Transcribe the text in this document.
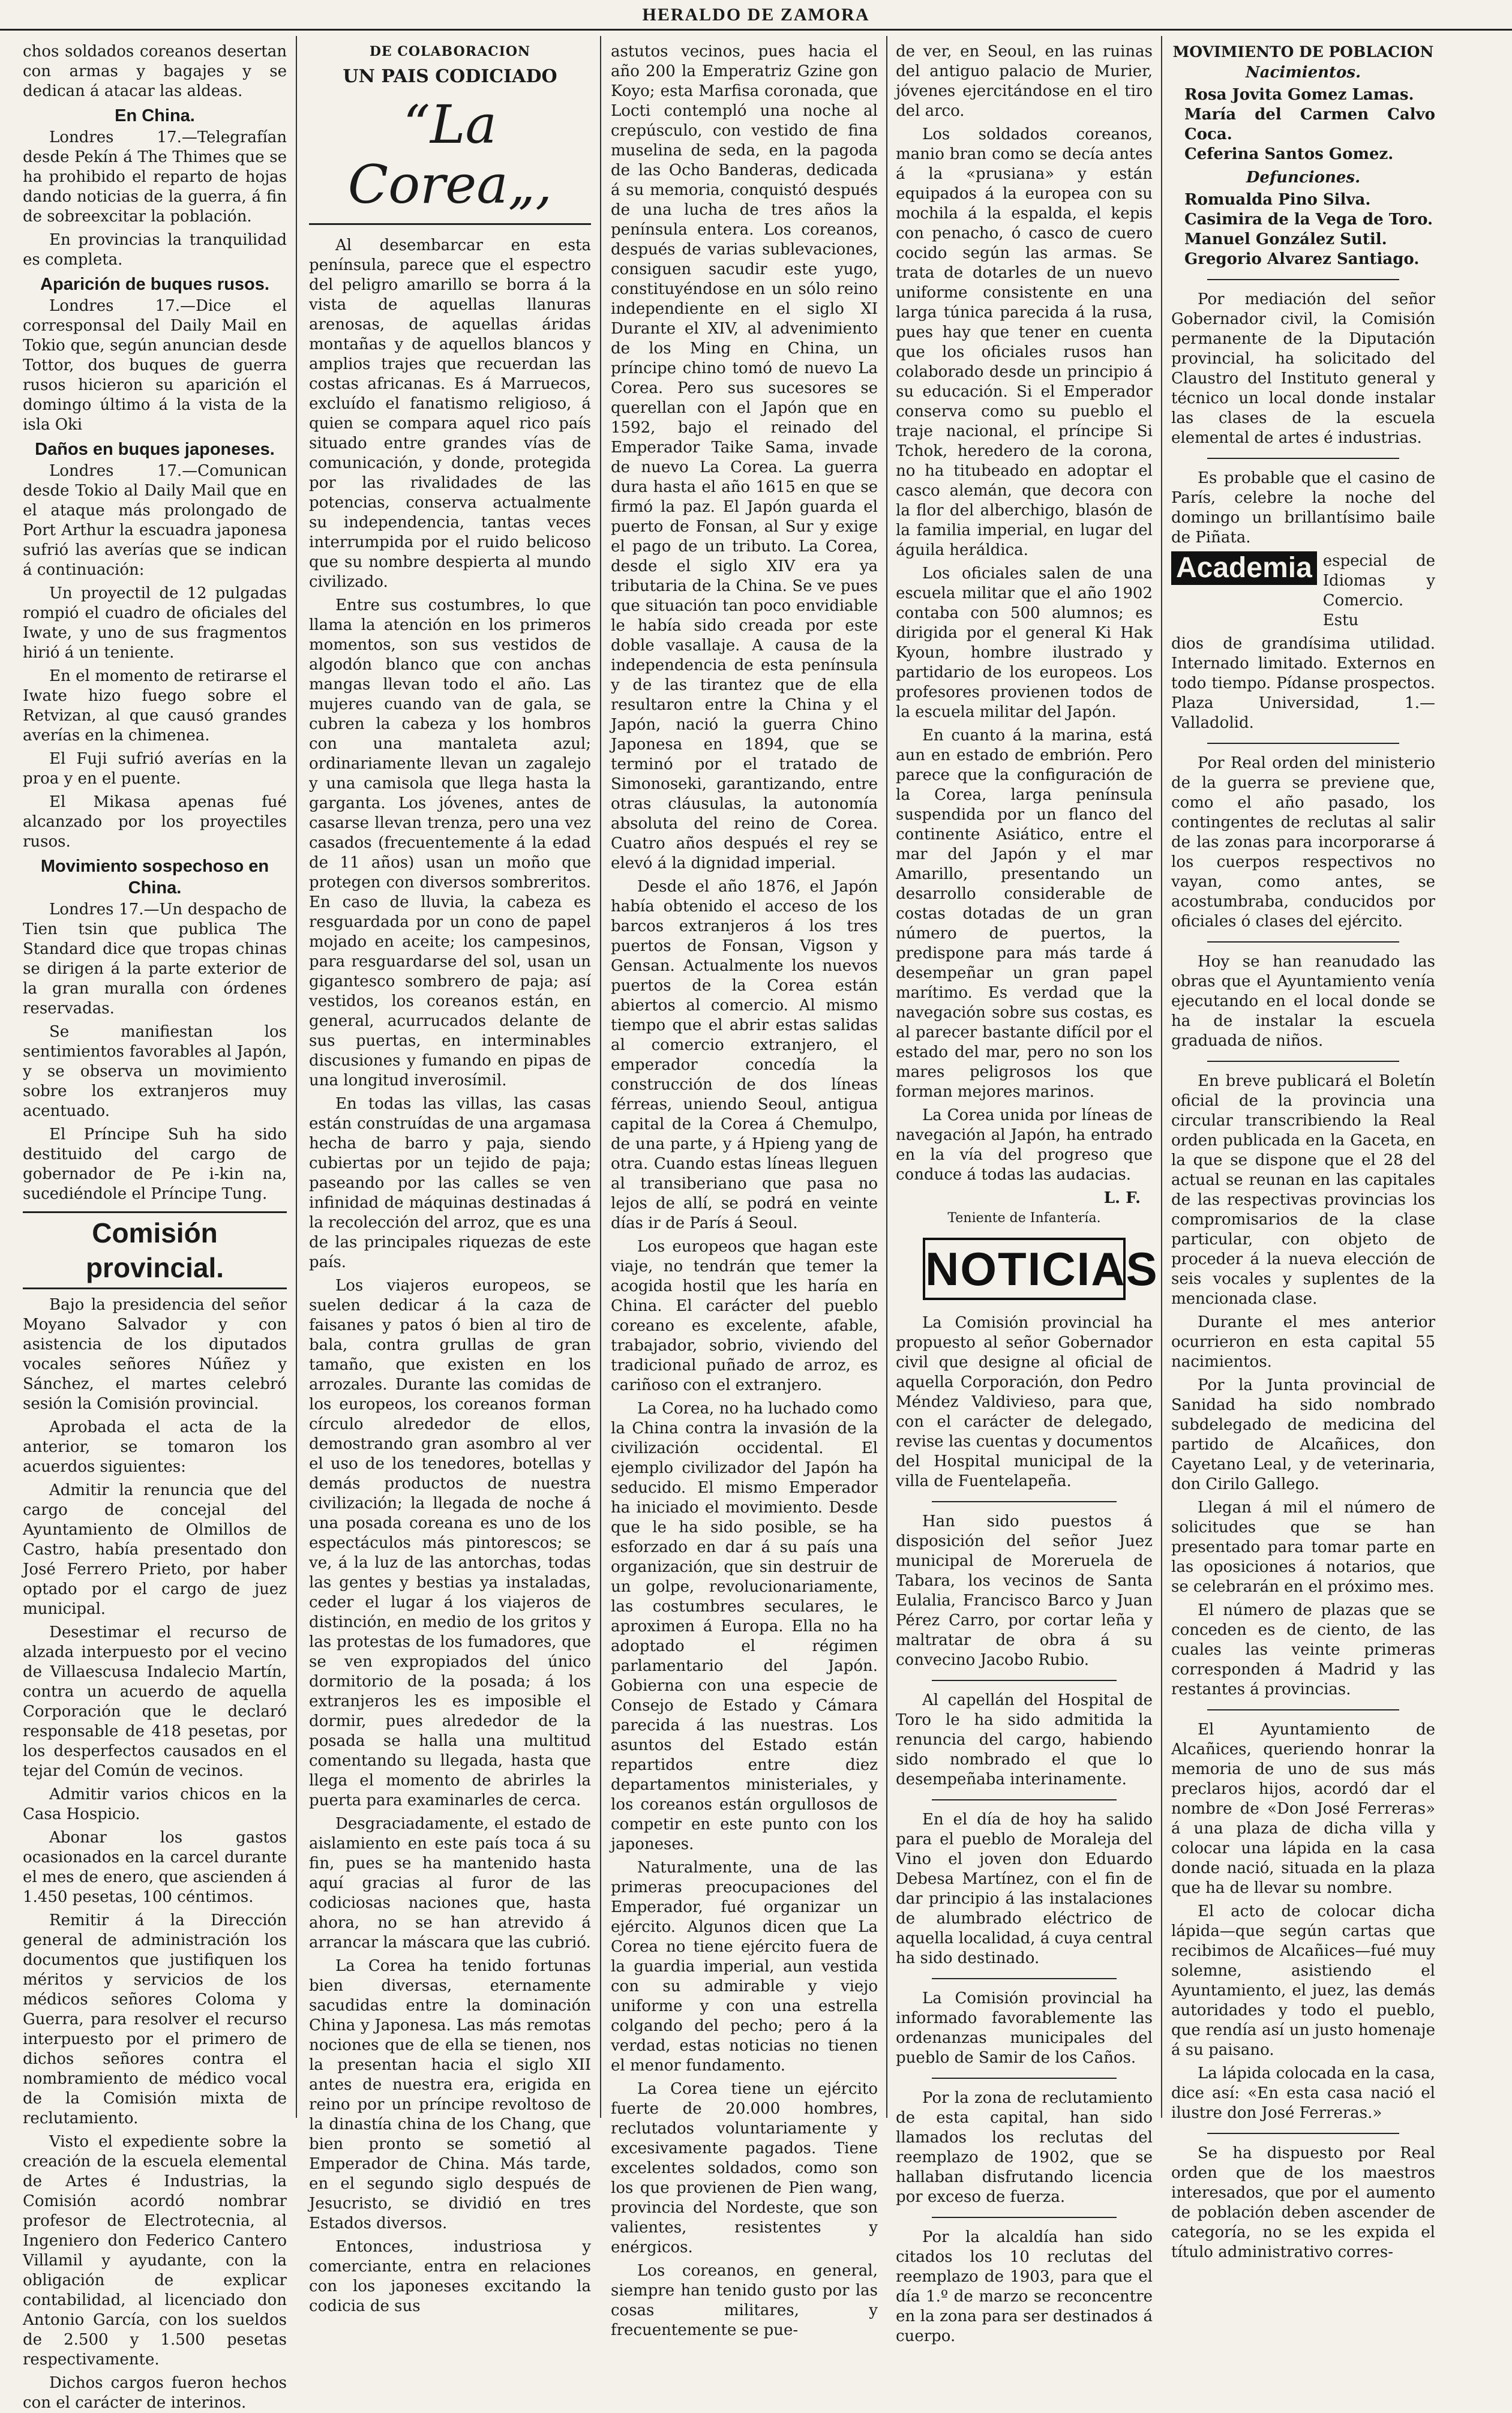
HERALDO DE ZAMORA

chos soldados coreanos desertan con armas y bagajes y se dedican á atacar las aldeas.

En China.

Londres 17.—Telegrafían desde Pekín á The Thimes que se ha prohibido el reparto de hojas dando noticias de la guerra, á fin de sobreexcitar la población.

En provincias la tranquilidad es completa.

Aparición de buques rusos.

Londres 17.—Dice el corresponsal del Daily Mail en Tokio que, según anuncian desde Tottor, dos buques de guerra rusos hicieron su aparición el domingo último á la vista de la isla Oki

Daños en buques japoneses.

Londres 17.—Comunican desde Tokio al Daily Mail que en el ataque más prolongado de Port Arthur la escuadra japonesa sufrió las averías que se indican á continuación:

Un proyectil de 12 pulgadas rompió el cuadro de oficiales del Iwate, y uno de sus fragmentos hirió á un teniente.

En el momento de retirarse el Iwate hizo fuego sobre el Retvizan, al que causó grandes averías en la chimenea.

El Fuji sufrió averías en la proa y en el puente.

El Mikasa apenas fué alcanzado por los proyectiles rusos.

Movimiento sospechoso en China.

Londres 17.—Un despacho de Tien tsin que publica The Standard dice que tropas chinas se dirigen á la parte exterior de la gran muralla con órdenes reservadas.

Se manifiestan los sentimientos favorables al Japón, y se observa un movimiento sobre los extranjeros muy acentuado.

El Príncipe Suh ha sido destituido del cargo de gobernador de Pe i-kin na, sucediéndole el Príncipe Tung.

Comisión provincial.

Bajo la presidencia del señor Moyano Salvador y con asistencia de los diputados vocales señores Núñez y Sánchez, el martes celebró sesión la Comisión provincial.

Aprobada el acta de la anterior, se tomaron los acuerdos siguientes:

Admitir la renuncia que del cargo de concejal del Ayuntamiento de Olmillos de Castro, había presentado don José Ferrero Prieto, por haber optado por el cargo de juez municipal.

Desestimar el recurso de alzada interpuesto por el vecino de Villaescusa Indalecio Martín, contra un acuerdo de aquella Corporación que le declaró responsable de 418 pesetas, por los desperfectos causados en el tejar del Común de vecinos.

Admitir varios chicos en la Casa Hospicio.

Abonar los gastos ocasionados en la carcel durante el mes de enero, que ascienden á 1.450 pesetas, 100 céntimos.

Remitir á la Dirección general de administración los documentos que justifiquen los méritos y servicios de los médicos señores Coloma y Guerra, para resolver el recurso interpuesto por el primero de dichos señores contra el nombramiento de médico vocal de la Comisión mixta de reclutamiento.

Visto el expediente sobre la creación de la escuela elemental de Artes é Industrias, la Comisión acordó nombrar profesor de Electrotecnia, al Ingeniero don Federico Cantero Villamil y ayudante, con la obligación de explicar contabilidad, al licenciado don Antonio García, con los sueldos de 2.500 y 1.500 pesetas respectivamente.

Dichos cargos fueron hechos con el carácter de interinos.

DE COLABORACION
UN PAIS CODICIADO
“La Corea„,

Al desembarcar en esta península, parece que el espectro del peligro amarillo se borra á la vista de aquellas llanuras arenosas, de aquellas áridas montañas y de aquellos blancos y amplios trajes que recuerdan las costas africanas. Es á Marruecos, excluído el fanatismo religioso, á quien se compara aquel rico país situado entre grandes vías de comunicación, y donde, protegida por las rivalidades de las potencias, conserva actualmente su independencia, tantas veces interrumpida por el ruido belicoso que su nombre despierta al mundo civilizado.

Entre sus costumbres, lo que llama la atención en los primeros momentos, son sus vestidos de algodón blanco que con anchas mangas llevan todo el año. Las mujeres cuando van de gala, se cubren la cabeza y los hombros con una mantaleta azul; ordinariamente llevan un zagalejo y una camisola que llega hasta la garganta. Los jóvenes, antes de casarse llevan trenza, pero una vez casados (frecuentemente á la edad de 11 años) usan un moño que protegen con diversos sombreritos. En caso de lluvia, la cabeza es resguardada por un cono de papel mojado en aceite; los campesinos, para resguardarse del sol, usan un gigantesco sombrero de paja; así vestidos, los coreanos están, en general, acurrucados delante de sus puertas, en interminables discusiones y fumando en pipas de una longitud inverosímil.

En todas las villas, las casas están construídas de una argamasa hecha de barro y paja, siendo cubiertas por un tejido de paja; paseando por las calles se ven infinidad de máquinas destinadas á la recolección del arroz, que es una de las principales riquezas de este país.

Los viajeros europeos, se suelen dedicar á la caza de faisanes y patos ó bien al tiro de bala, contra grullas de gran tamaño, que existen en los arrozales. Durante las comidas de los europeos, los coreanos forman círculo alrededor de ellos, demostrando gran asombro al ver el uso de los tenedores, botellas y demás productos de nuestra civilización; la llegada de noche á una posada coreana es uno de los espectáculos más pintorescos; se ve, á la luz de las antorchas, todas las gentes y bestias ya instaladas, ceder el lugar á los viajeros de distinción, en medio de los gritos y las protestas de los fumadores, que se ven expropiados del único dormitorio de la posada; á los extranjeros les es imposible el dormir, pues alrededor de la posada se halla una multitud comentando su llegada, hasta que llega el momento de abrirles la puerta para examinarles de cerca.

Desgraciadamente, el estado de aislamiento en este país toca á su fin, pues se ha mantenido hasta aquí gracias al furor de las codiciosas naciones que, hasta ahora, no se han atrevido á arrancar la máscara que las cubrió.

La Corea ha tenido fortunas bien diversas, eternamente sacudidas entre la dominación China y Japonesa. Las más remotas nociones que de ella se tienen, nos la presentan hacia el siglo XII antes de nuestra era, erigida en reino por un príncipe revoltoso de la dinastía china de los Chang, que bien pronto se sometió al Emperador de China. Más tarde, en el segundo siglo después de Jesucristo, se dividió en tres Estados diversos.

Entonces, industriosa y comerciante, entra en relaciones con los japoneses excitando la codicia de sus

astutos vecinos, pues hacia el año 200 la Emperatriz Gzine gon Koyo; esta Marfisa coronada, que Locti contempló una noche al crepúsculo, con vestido de fina muselina de seda, en la pagoda de las Ocho Banderas, dedicada á su memoria, conquistó después de una lucha de tres años la península entera. Los coreanos, después de varias sublevaciones, consiguen sacudir este yugo, constituyéndose en un sólo reino independiente en el siglo XI Durante el XIV, al advenimiento de los Ming en China, un príncipe chino tomó de nuevo La Corea. Pero sus sucesores se querellan con el Japón que en 1592, bajo el reinado del Emperador Taike Sama, invade de nuevo La Corea. La guerra dura hasta el año 1615 en que se firmó la paz. El Japón guarda el puerto de Fonsan, al Sur y exige el pago de un tributo. La Corea, desde el siglo XIV era ya tributaria de la China. Se ve pues que situación tan poco envidiable le había sido creada por este doble vasallaje. A causa de la independencia de esta península y de las tirantez que de ella resultaron entre la China y el Japón, nació la guerra Chino Japonesa en 1894, que se terminó por el tratado de Simonoseki, garantizando, entre otras cláusulas, la autonomía absoluta del reino de Corea. Cuatro años después el rey se elevó á la dignidad imperial.

Desde el año 1876, el Japón había obtenido el acceso de los barcos extranjeros á los tres puertos de Fonsan, Vigson y Gensan. Actualmente los nuevos puertos de la Corea están abiertos al comercio. Al mismo tiempo que el abrir estas salidas al comercio extranjero, el emperador concedía la construcción de dos líneas férreas, uniendo Seoul, antigua capital de la Corea á Chemulpo, de una parte, y á Hpieng yang de otra. Cuando estas líneas lleguen al transiberiano que pasa no lejos de allí, se podrá en veinte días ir de París á Seoul.

Los europeos que hagan este viaje, no tendrán que temer la acogida hostil que les haría en China. El carácter del pueblo coreano es excelente, afable, trabajador, sobrio, viviendo del tradicional puñado de arroz, es cariñoso con el extranjero.

La Corea, no ha luchado como la China contra la invasión de la civilización occidental. El ejemplo civilizador del Japón ha seducido. El mismo Emperador ha iniciado el movimiento. Desde que le ha sido posible, se ha esforzado en dar á su país una organización, que sin destruir de un golpe, revolucionariamente, las costumbres seculares, le aproximen á Europa. Ella no ha adoptado el régimen parlamentario del Japón. Gobierna con una especie de Consejo de Estado y Cámara parecida á las nuestras. Los asuntos del Estado están repartidos entre diez departamentos ministeriales, y los coreanos están orgullosos de competir en este punto con los japoneses.

Naturalmente, una de las primeras preocupaciones del Emperador, fué organizar un ejército. Algunos dicen que La Corea no tiene ejército fuera de la guardia imperial, aun vestida con su admirable y viejo uniforme y con una estrella colgando del pecho; pero á la verdad, estas noticias no tienen el menor fundamento.

La Corea tiene un ejército fuerte de 20.000 hombres, reclutados voluntariamente y excesivamente pagados. Tiene excelentes soldados, como son los que provienen de Pien wang, provincia del Nordeste, que son valientes, resistentes y enérgicos.

Los coreanos, en general, siempre han tenido gusto por las cosas militares, y frecuentemente se pue-

de ver, en Seoul, en las ruinas del antiguo palacio de Murier, jóvenes ejercitándose en el tiro del arco.

Los soldados coreanos, manio bran como se decía antes á la «prusiana» y están equipados á la europea con su mochila á la espalda, el kepis con penacho, ó casco de cuero cocido según las armas. Se trata de dotarles de un nuevo uniforme consistente en una larga túnica parecida á la rusa, pues hay que tener en cuenta que los oficiales rusos han colaborado desde un principio á su educación. Si el Emperador conserva como su pueblo el traje nacional, el príncipe Si Tchok, heredero de la corona, no ha titubeado en adoptar el casco alemán, que decora con la flor del alberchigo, blasón de la familia imperial, en lugar del águila heráldica.

Los oficiales salen de una escuela militar que el año 1902 contaba con 500 alumnos; es dirigida por el general Ki Hak Kyoun, hombre ilustrado y partidario de los europeos. Los profesores provienen todos de la escuela militar del Japón.

En cuanto á la marina, está aun en estado de embrión. Pero parece que la configuración de la Corea, larga península suspendida por un flanco del continente Asiático, entre el mar del Japón y el mar Amarillo, presentando un desarrollo considerable de costas dotadas de un gran número de puertos, la predispone para más tarde á desempeñar un gran papel marítimo. Es verdad que la navegación sobre sus costas, es al parecer bastante difícil por el estado del mar, pero no son los mares peligrosos los que forman mejores marinos.

La Corea unida por líneas de navegación al Japón, ha entrado en la vía del progreso que conduce á todas las audacias.

L. F.
Teniente de Infantería.
NOTICIAS

La Comisión provincial ha propuesto al señor Gobernador civil que designe al oficial de aquella Corporación, don Pedro Méndez Valdivieso, para que, con el carácter de delegado, revise las cuentas y documentos del Hospital municipal de la villa de Fuentelapeña.

Han sido puestos á disposición del señor Juez municipal de Moreruela de Tabara, los vecinos de Santa Eulalia, Francisco Barco y Juan Pérez Carro, por cortar leña y maltratar de obra á su convecino Jacobo Rubio.

Al capellán del Hospital de Toro le ha sido admitida la renuncia del cargo, habiendo sido nombrado el que lo desempeñaba interinamente.

En el día de hoy ha salido para el pueblo de Moraleja del Vino el joven don Eduardo Debesa Martínez, con el fin de dar principio á las instalaciones de alumbrado eléctrico de aquella localidad, á cuya central ha sido destinado.

La Comisión provincial ha informado favorablemente las ordenanzas municipales del pueblo de Samir de los Caños.

Por la zona de reclutamiento de esta capital, han sido llamados los reclutas del reemplazo de 1902, que se hallaban disfrutando licencia por exceso de fuerza.

Por la alcaldía han sido citados los 10 reclutas del reemplazo de 1903, para que el día 1.º de marzo se reconcentre en la zona para ser destinados á cuerpo.

MOVIMIENTO DE POBLACION
Nacimientos.

Rosa Jovita Gomez Lamas.

María del Carmen Calvo Coca.

Ceferina Santos Gomez.

Defunciones.

Romualda Pino Silva.

Casimira de la Vega de Toro.

Manuel González Sutil.

Gregorio Alvarez Santiago.

Por mediación del señor Gobernador civil, la Comisión permanente de la Diputación provincial, ha solicitado del Claustro del Instituto general y técnico un local donde instalar las clases de la escuela elemental de artes é industrias.

Es probable que el casino de París, celebre la noche del domingo un brillantísimo baile de Piñata.

Academia especial de Idiomas y Comercio. Estu

dios de grandísima utilidad. Internado limitado. Externos en todo tiempo. Pídanse prospectos. Plaza Universidad, 1.—Valladolid.

Por Real orden del ministerio de la guerra se previene que, como el año pasado, los contingentes de reclutas al salir de las zonas para incorporarse á los cuerpos respectivos no vayan, como antes, se acostumbraba, conducidos por oficiales ó clases del ejército.

Hoy se han reanudado las obras que el Ayuntamiento venía ejecutando en el local donde se ha de instalar la escuela graduada de niños.

En breve publicará el Boletín oficial de la provincia una circular transcribiendo la Real orden publicada en la Gaceta, en la que se dispone que el 28 del actual se reunan en las capitales de las respectivas provincias los compromisarios de la clase particular, con objeto de proceder á la nueva elección de seis vocales y suplentes de la mencionada clase.

Durante el mes anterior ocurrieron en esta capital 55 nacimientos.

Por la Junta provincial de Sanidad ha sido nombrado subdelegado de medicina del partido de Alcañices, don Cayetano Leal, y de veterinaria, don Cirilo Gallego.

Llegan á mil el número de solicitudes que se han presentado para tomar parte en las oposiciones á notarios, que se celebrarán en el próximo mes.

El número de plazas que se conceden es de ciento, de las cuales las veinte primeras corresponden á Madrid y las restantes á provincias.

El Ayuntamiento de Alcañices, queriendo honrar la memoria de uno de sus más preclaros hijos, acordó dar el nombre de «Don José Ferreras» á una plaza de dicha villa y colocar una lápida en la casa donde nació, situada en la plaza que ha de llevar su nombre.

El acto de colocar dicha lápida—que según cartas que recibimos de Alcañices—fué muy solemne, asistiendo el Ayuntamiento, el juez, las demás autoridades y todo el pueblo, que rendía así un justo homenaje á su paisano.

La lápida colocada en la casa, dice así: «En esta casa nació el ilustre don José Ferreras.»

Se ha dispuesto por Real orden que de los maestros interesados, que por el aumento de población deben ascender de categoría, no se les expida el título administrativo corres-
